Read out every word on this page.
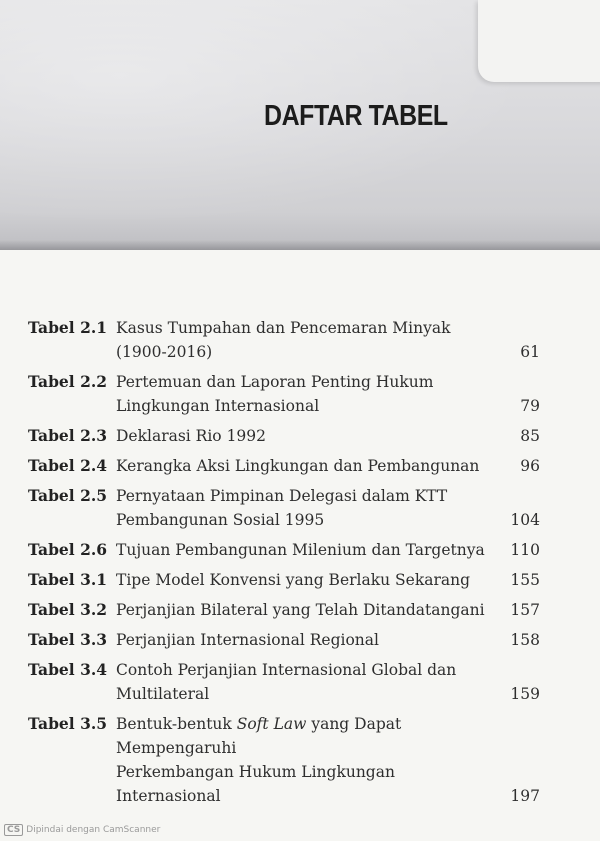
DAFTAR TABEL
Tabel 2.1 Kasus Tumpahan dan Pencemaran Minyak
(1900-2016)	61
Tabel 2.2 Pertemuan dan Laporan Penting Hukum
Lingkungan Internasional	79
Tabel 2.3 Deklarasi Rio 1992	85
Tabel 2.4 Kerangka Aksi Lingkungan dan Pembangunan	96
Tabel 2.5 Pernyataan Pimpinan Delegasi dalam KTT
Pembangunan Sosial 1995	104
Tabel 2.6 Tujuan Pembangunan Milenium dan Targetnya	110
Tabel 3.1 Tipe Model Konvensi yang Berlaku Sekarang	155
Tabel 3.2 Perjanjian Bilateral yang Telah Ditandatangani	157
Tabel 3.3 Perjanjian Internasional Regional	158
Tabel 3.4 Contoh Perjanjian Internasional Global dan
Multilateral	159
Tabel 3.5 Bentuk-bentuk Soft Law yang Dapat Mempengaruhi
Perkembangan Hukum Lingkungan Internasional	197
CS Dipindai dengan CamScanner
